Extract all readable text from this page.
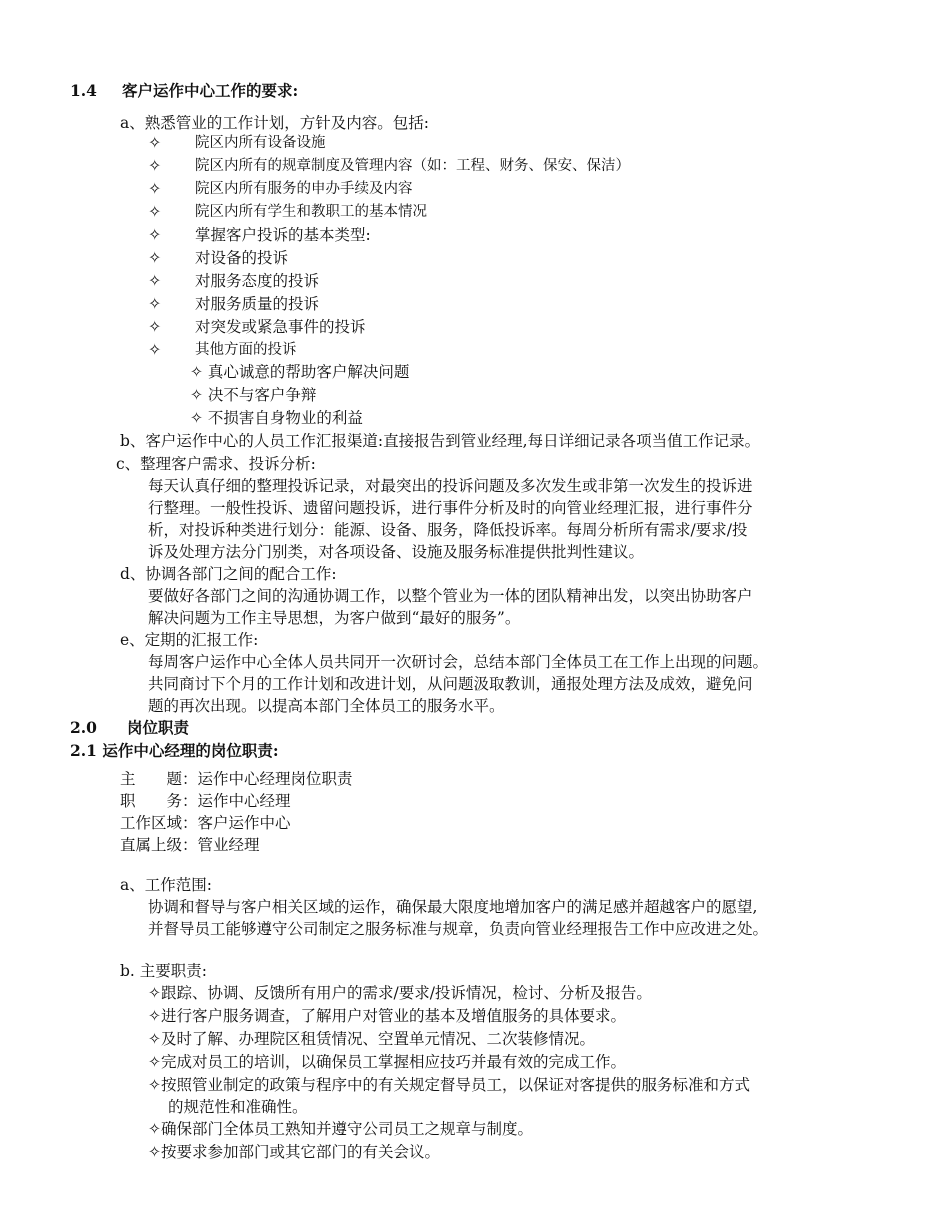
1.4 客户运作中心工作的要求:
a、熟悉管业的工作计划，方针及内容。包括:
✧ 院区内所有设备设施
✧ 院区内所有的规章制度及管理内容（如：工程、财务、保安、保洁）
✧ 院区内所有服务的申办手续及内容
✧ 院区内所有学生和教职工的基本情况
✧ 掌握客户投诉的基本类型:
✧ 对设备的投诉
✧ 对服务态度的投诉
✧ 对服务质量的投诉
✧ 对突发或紧急事件的投诉
✧ 其他方面的投诉
✧ 真心诚意的帮助客户解决问题
✧ 决不与客户争辩
✧ 不损害自身物业的利益
b、客户运作中心的人员工作汇报渠道:直接报告到管业经理,每日详细记录各项当值工作记录。
c、整理客户需求、投诉分析:
每天认真仔细的整理投诉记录，对最突出的投诉问题及多次发生或非第一次发生的投诉进
行整理。一般性投诉、遗留问题投诉，进行事件分析及时的向管业经理汇报，进行事件分
析，对投诉种类进行划分：能源、设备、服务，降低投诉率。每周分析所有需求/要求/投
诉及处理方法分门别类，对各项设备、设施及服务标准提供批判性建议。
d、协调各部门之间的配合工作:
要做好各部门之间的沟通协调工作，以整个管业为一体的团队精神出发，以突出协助客户
解决问题为工作主导思想，为客户做到“最好的服务”。
e、定期的汇报工作:
每周客户运作中心全体人员共同开一次研讨会，总结本部门全体员工在工作上出现的问题。
共同商讨下个月的工作计划和改进计划，从问题汲取教训，通报处理方法及成效，避免问
题的再次出现。以提高本部门全体员工的服务水平。
2.0 岗位职责
2.1 运作中心经理的岗位职责:
主　　题：运作中心经理岗位职责
职　　务：运作中心经理
工作区域：客户运作中心
直属上级：管业经理
a、工作范围:
协调和督导与客户相关区域的运作，确保最大限度地增加客户的满足感并超越客户的愿望,
并督导员工能够遵守公司制定之服务标准与规章，负责向管业经理报告工作中应改进之处。
b. 主要职责:
✧跟踪、协调、反馈所有用户的需求/要求/投诉情况，检讨、分析及报告。
✧进行客户服务调查，了解用户对管业的基本及增值服务的具体要求。
✧及时了解、办理院区租赁情况、空置单元情况、二次装修情况。
✧完成对员工的培训，以确保员工掌握相应技巧并最有效的完成工作。
✧按照管业制定的政策与程序中的有关规定督导员工，以保证对客提供的服务标准和方式
的规范性和准确性。
✧确保部门全体员工熟知并遵守公司员工之规章与制度。
✧按要求参加部门或其它部门的有关会议。
